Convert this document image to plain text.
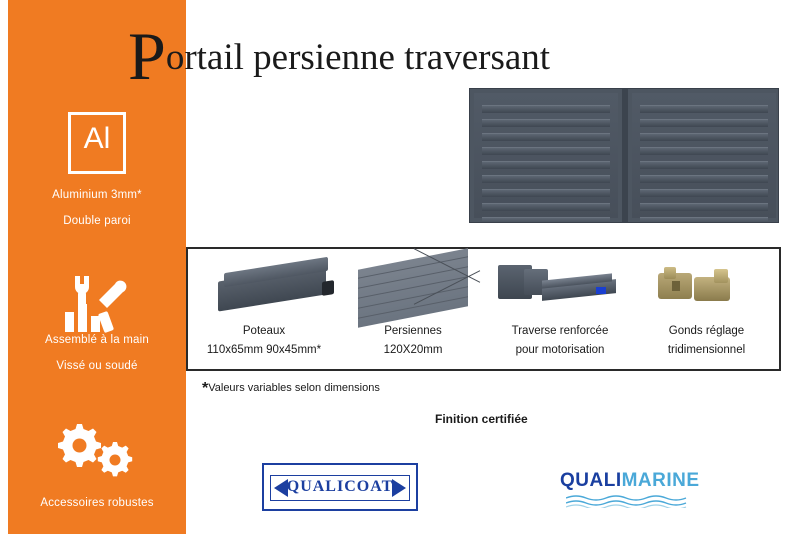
Al
Aluminium 3mm*
Double paroi
Assemblé à la main
Vissé ou soudé
Accessoires robustes
Portail persienne traversant
Poteaux
110x65mm 90x45mm*
Persiennes
120X20mm
Traverse renforcée
pour motorisation
Gonds réglage
tridimensionnel
*Valeurs variables selon dimensions
Finition certifiée
QUALICOAT	QUALIMARINE
